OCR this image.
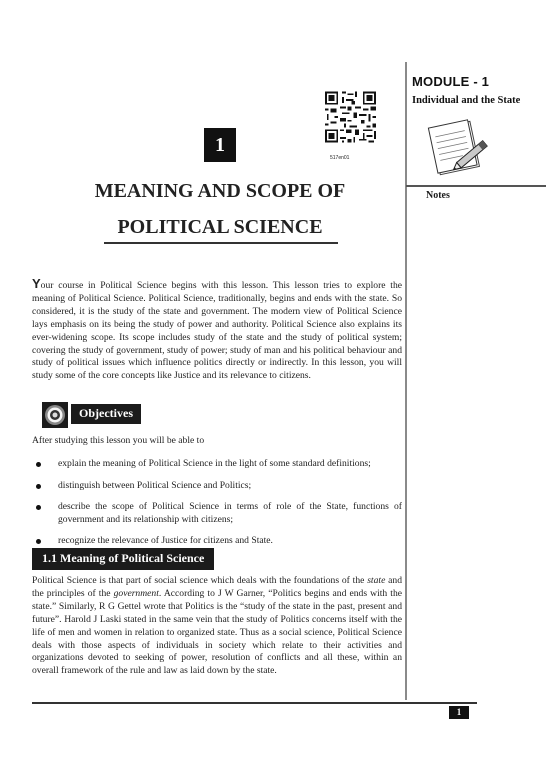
MODULE - 1
Individual and the State
Notes
517en01
1
MEANING AND SCOPE OF
POLITICAL SCIENCE

Your course in Political Science begins with this lesson. This lesson tries to explore the meaning of Political Science. Political Science, traditionally, begins and ends with the state. So considered, it is the study of the state and government. The modern view of Political Science lays emphasis on its being the study of power and authority. Political Science also explains its ever-widening scope. Its scope includes study of the state and the study of political system; covering the study of government, study of power; study of man and his political behaviour and study of political issues which influence politics directly or indirectly. In this lesson, you will study some of the core concepts like Justice and its relevance to citizens.

Objectives
After studying this lesson you will be able to
explain the meaning of Political Science in the light of some standard definitions;
distinguish between Political Science and Politics;
describe the scope of Political Science in terms of role of the State, functions of government and its relationship with citizens;
recognize the relevance of Justice for citizens and State.
1.1 Meaning of Political Science

Political Science is that part of social science which deals with the foundations of the state and the principles of the government. According to J W Garner, “Politics begins and ends with the state.” Similarly, R G Gettel wrote that Politics is the “study of the state in the past, present and future”. Harold J Laski stated in the same vein that the study of Politics concerns itself with the life of men and women in relation to organized state. Thus as a social science, Political Science deals with those aspects of individuals in society which relate to their activities and organizations devoted to seeking of power, resolution of conflicts and all these, within an overall framework of the rule and law as laid down by the state.

1
